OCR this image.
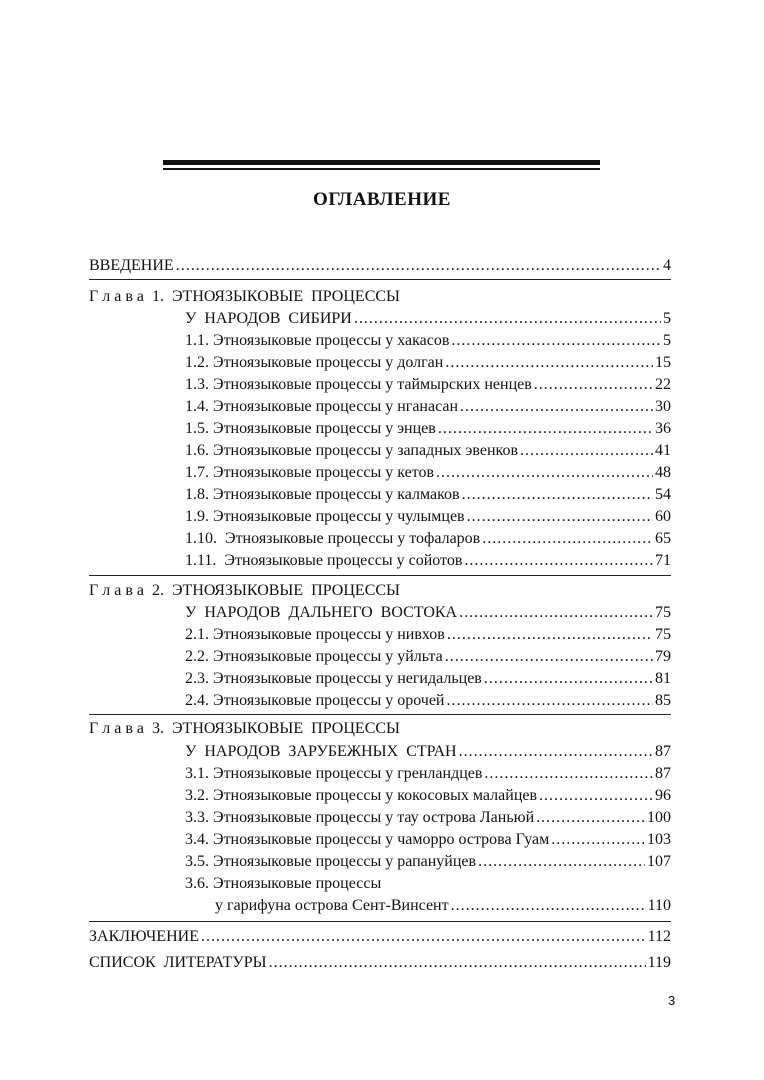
ОГЛАВЛЕНИЕ
ВВЕДЕНИЕ .....	4
Г л а в а  1.  ЭТНОЯЗЫКОВЫЕ  ПРОЦЕССЫ
У  НАРОДОВ  СИБИРИ .....	5
1.1. Этноязыковые процессы у хакасов .....	5
1.2. Этноязыковые процессы у долган .....	15
1.3. Этноязыковые процессы у таймырских ненцев .....	22
1.4. Этноязыковые процессы у нганасан .....	30
1.5. Этноязыковые процессы у энцев .....	36
1.6. Этноязыковые процессы у западных эвенков .....	41
1.7. Этноязыковые процессы у кетов .....	48
1.8. Этноязыковые процессы у калмаков .....	54
1.9. Этноязыковые процессы у чулымцев .....	60
1.10.  Этноязыковые процессы у тофаларов .....	65
1.11.  Этноязыковые процессы у сойотов .....	71
Г л а в а  2.  ЭТНОЯЗЫКОВЫЕ  ПРОЦЕССЫ
У  НАРОДОВ  ДАЛЬНЕГО  ВОСТОКА .....	75
2.1. Этноязыковые процессы у нивхов .....	75
2.2. Этноязыковые процессы у уйльта .....	79
2.3. Этноязыковые процессы у негидальцев .....	81
2.4. Этноязыковые процессы у орочей .....	85
Г л а в а  3.  ЭТНОЯЗЫКОВЫЕ  ПРОЦЕССЫ
У  НАРОДОВ  ЗАРУБЕЖНЫХ  СТРАН .....	87
3.1. Этноязыковые процессы у гренландцев .....	87
3.2. Этноязыковые процессы у кокосовых малайцев .....	96
3.3. Этноязыковые процессы у тау острова Ланьюй .....	100
3.4. Этноязыковые процессы у чаморро острова Гуам .....	103
3.5. Этноязыковые процессы у рапануйцев .....	107
3.6. Этноязыковые процессы
у гарифуна острова Сент-Винсент .....	110
ЗАКЛЮЧЕНИЕ .....	112
СПИСОК  ЛИТЕРАТУРЫ .....	119
3
